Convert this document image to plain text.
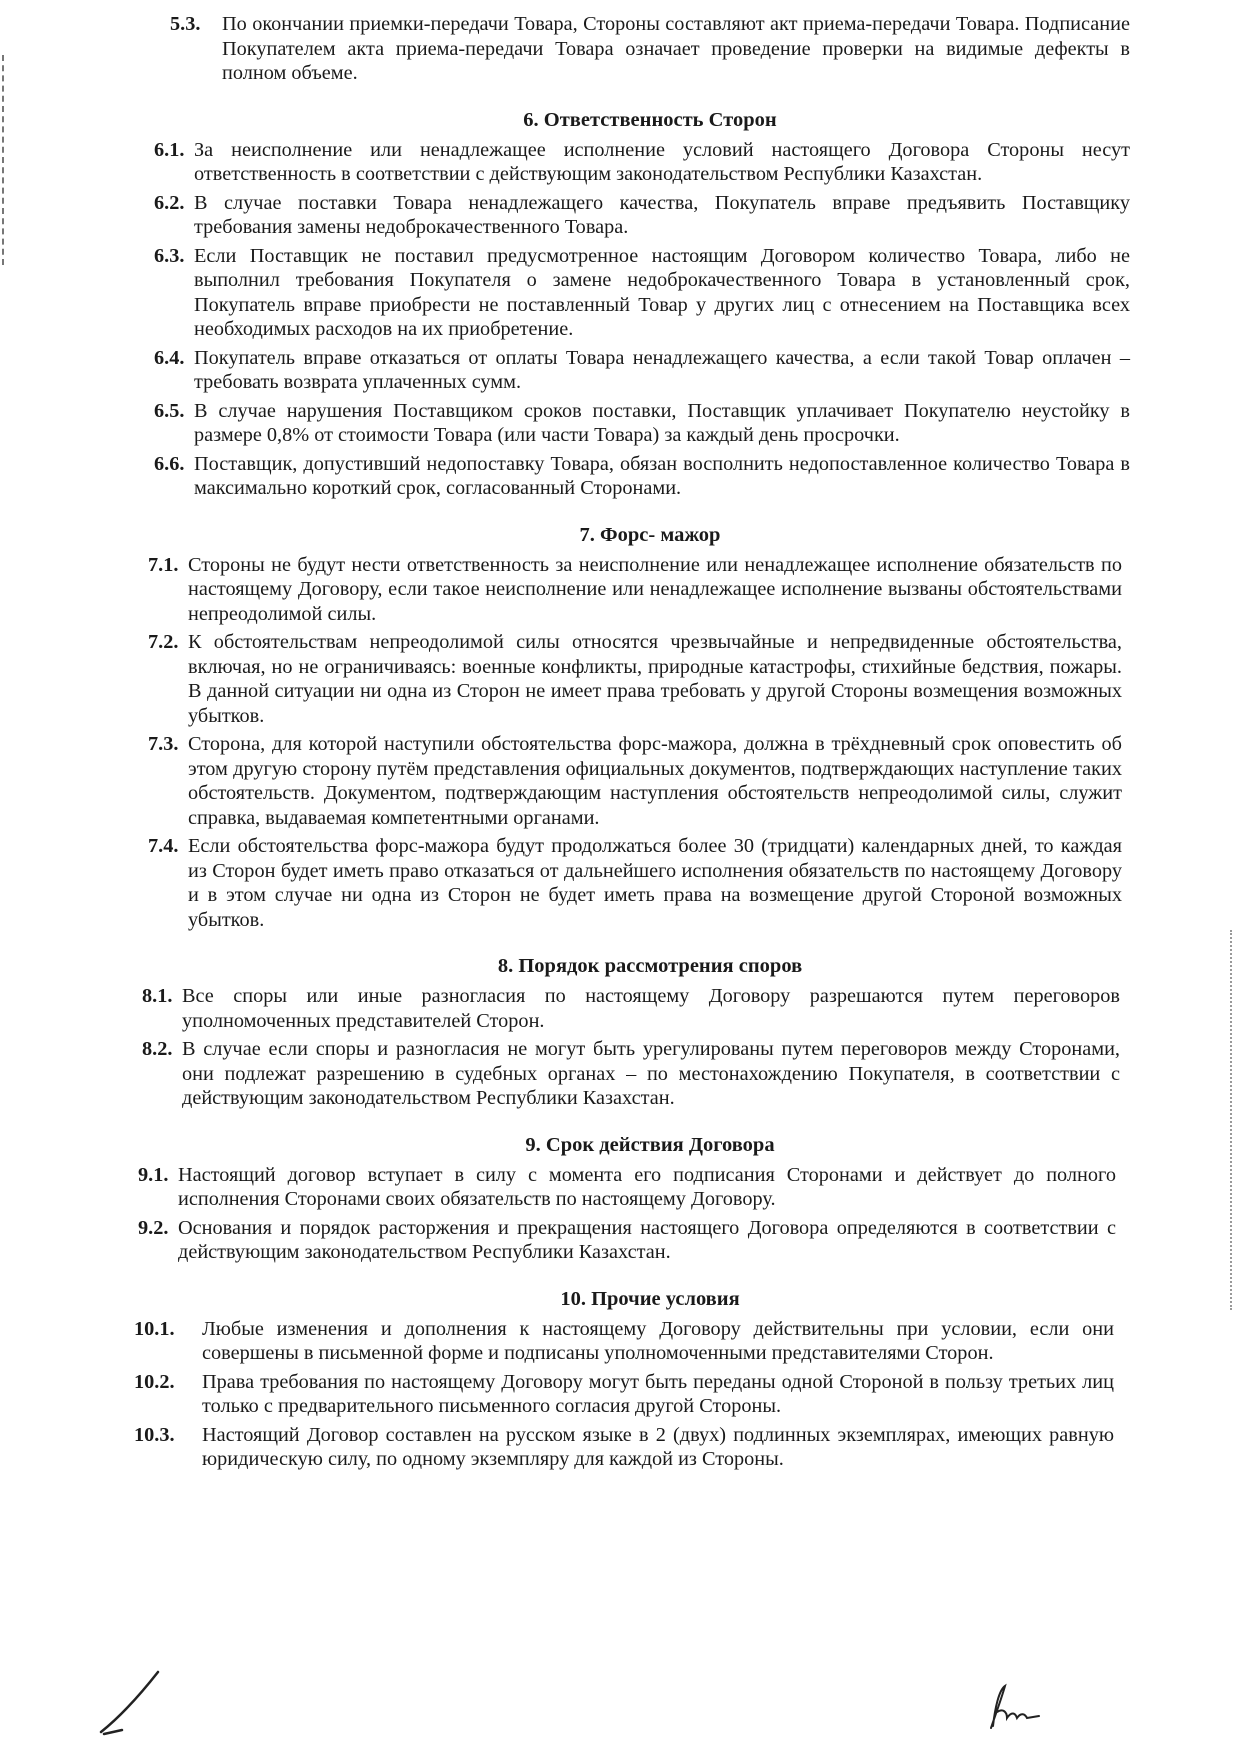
5.3.	По окончании приемки-передачи Товара, Стороны составляют акт приема-передачи Товара. Подписание Покупателем акта приема-передачи Товара означает проведение проверки на видимые дефекты в полном объеме.
6. Ответственность Сторон
6.1. За неисполнение или ненадлежащее исполнение условий настоящего Договора Стороны несут ответственность в соответствии с действующим законодательством Республики Казахстан.
6.2. В случае поставки Товара ненадлежащего качества, Покупатель вправе предъявить Поставщику требования замены недоброкачественного Товара.
6.3. Если Поставщик не поставил предусмотренное настоящим Договором количество Товара, либо не выполнил требования Покупателя о замене недоброкачественного Товара в установленный срок, Покупатель вправе приобрести не поставленный Товар у других лиц с отнесением на Поставщика всех необходимых расходов на их приобретение.
6.4. Покупатель вправе отказаться от оплаты Товара ненадлежащего качества, а если такой Товар оплачен – требовать возврата уплаченных сумм.
6.5. В случае нарушения Поставщиком сроков поставки, Поставщик уплачивает Покупателю неустойку в размере 0,8% от стоимости Товара (или части Товара) за каждый день просрочки.
6.6. Поставщик, допустивший недопоставку Товара, обязан восполнить недопоставленное количество Товара в максимально короткий срок, согласованный Сторонами.
7. Форс- мажор
7.1. Стороны не будут нести ответственность за неисполнение или ненадлежащее исполнение обязательств по настоящему Договору, если такое неисполнение или ненадлежащее исполнение вызваны обстоятельствами непреодолимой силы.
7.2. К обстоятельствам непреодолимой силы относятся чрезвычайные и непредвиденные обстоятельства, включая, но не ограничиваясь: военные конфликты, природные катастрофы, стихийные бедствия, пожары. В данной ситуации ни одна из Сторон не имеет права требовать у другой Стороны возмещения возможных убытков.
7.3. Сторона, для которой наступили обстоятельства форс-мажора, должна в трёхдневный срок оповестить об этом другую сторону путём представления официальных документов, подтверждающих наступление таких обстоятельств. Документом, подтверждающим наступления обстоятельств непреодолимой силы, служит справка, выдаваемая компетентными органами.
7.4. Если обстоятельства форс-мажора будут продолжаться более 30 (тридцати) календарных дней, то каждая из Сторон будет иметь право отказаться от дальнейшего исполнения обязательств по настоящему Договору и в этом случае ни одна из Сторон не будет иметь права на возмещение другой Стороной возможных убытков.
8. Порядок рассмотрения споров
8.1. Все споры или иные разногласия по настоящему Договору разрешаются путем переговоров уполномоченных представителей Сторон.
8.2. В случае если споры и разногласия не могут быть урегулированы путем переговоров между Сторонами, они подлежат разрешению в судебных органах – по местонахождению Покупателя, в соответствии с действующим законодательством Республики Казахстан.
9. Срок действия Договора
9.1. Настоящий договор вступает в силу с момента его подписания Сторонами и действует до полного исполнения Сторонами своих обязательств по настоящему Договору.
9.2. Основания и порядок расторжения и прекращения настоящего Договора определяются в соответствии с действующим законодательством Республики Казахстан.
10. Прочие условия
10.1.	Любые изменения и дополнения к настоящему Договору действительны при условии, если они совершены в письменной форме и подписаны уполномоченными представителями Сторон.
10.2.	Права требования по настоящему Договору могут быть переданы одной Стороной в пользу третьих лиц только с предварительного письменного согласия другой Стороны.
10.3.	Настоящий Договор составлен на русском языке в 2 (двух) подлинных экземплярах, имеющих равную юридическую силу, по одному экземпляру для каждой из Стороны.
